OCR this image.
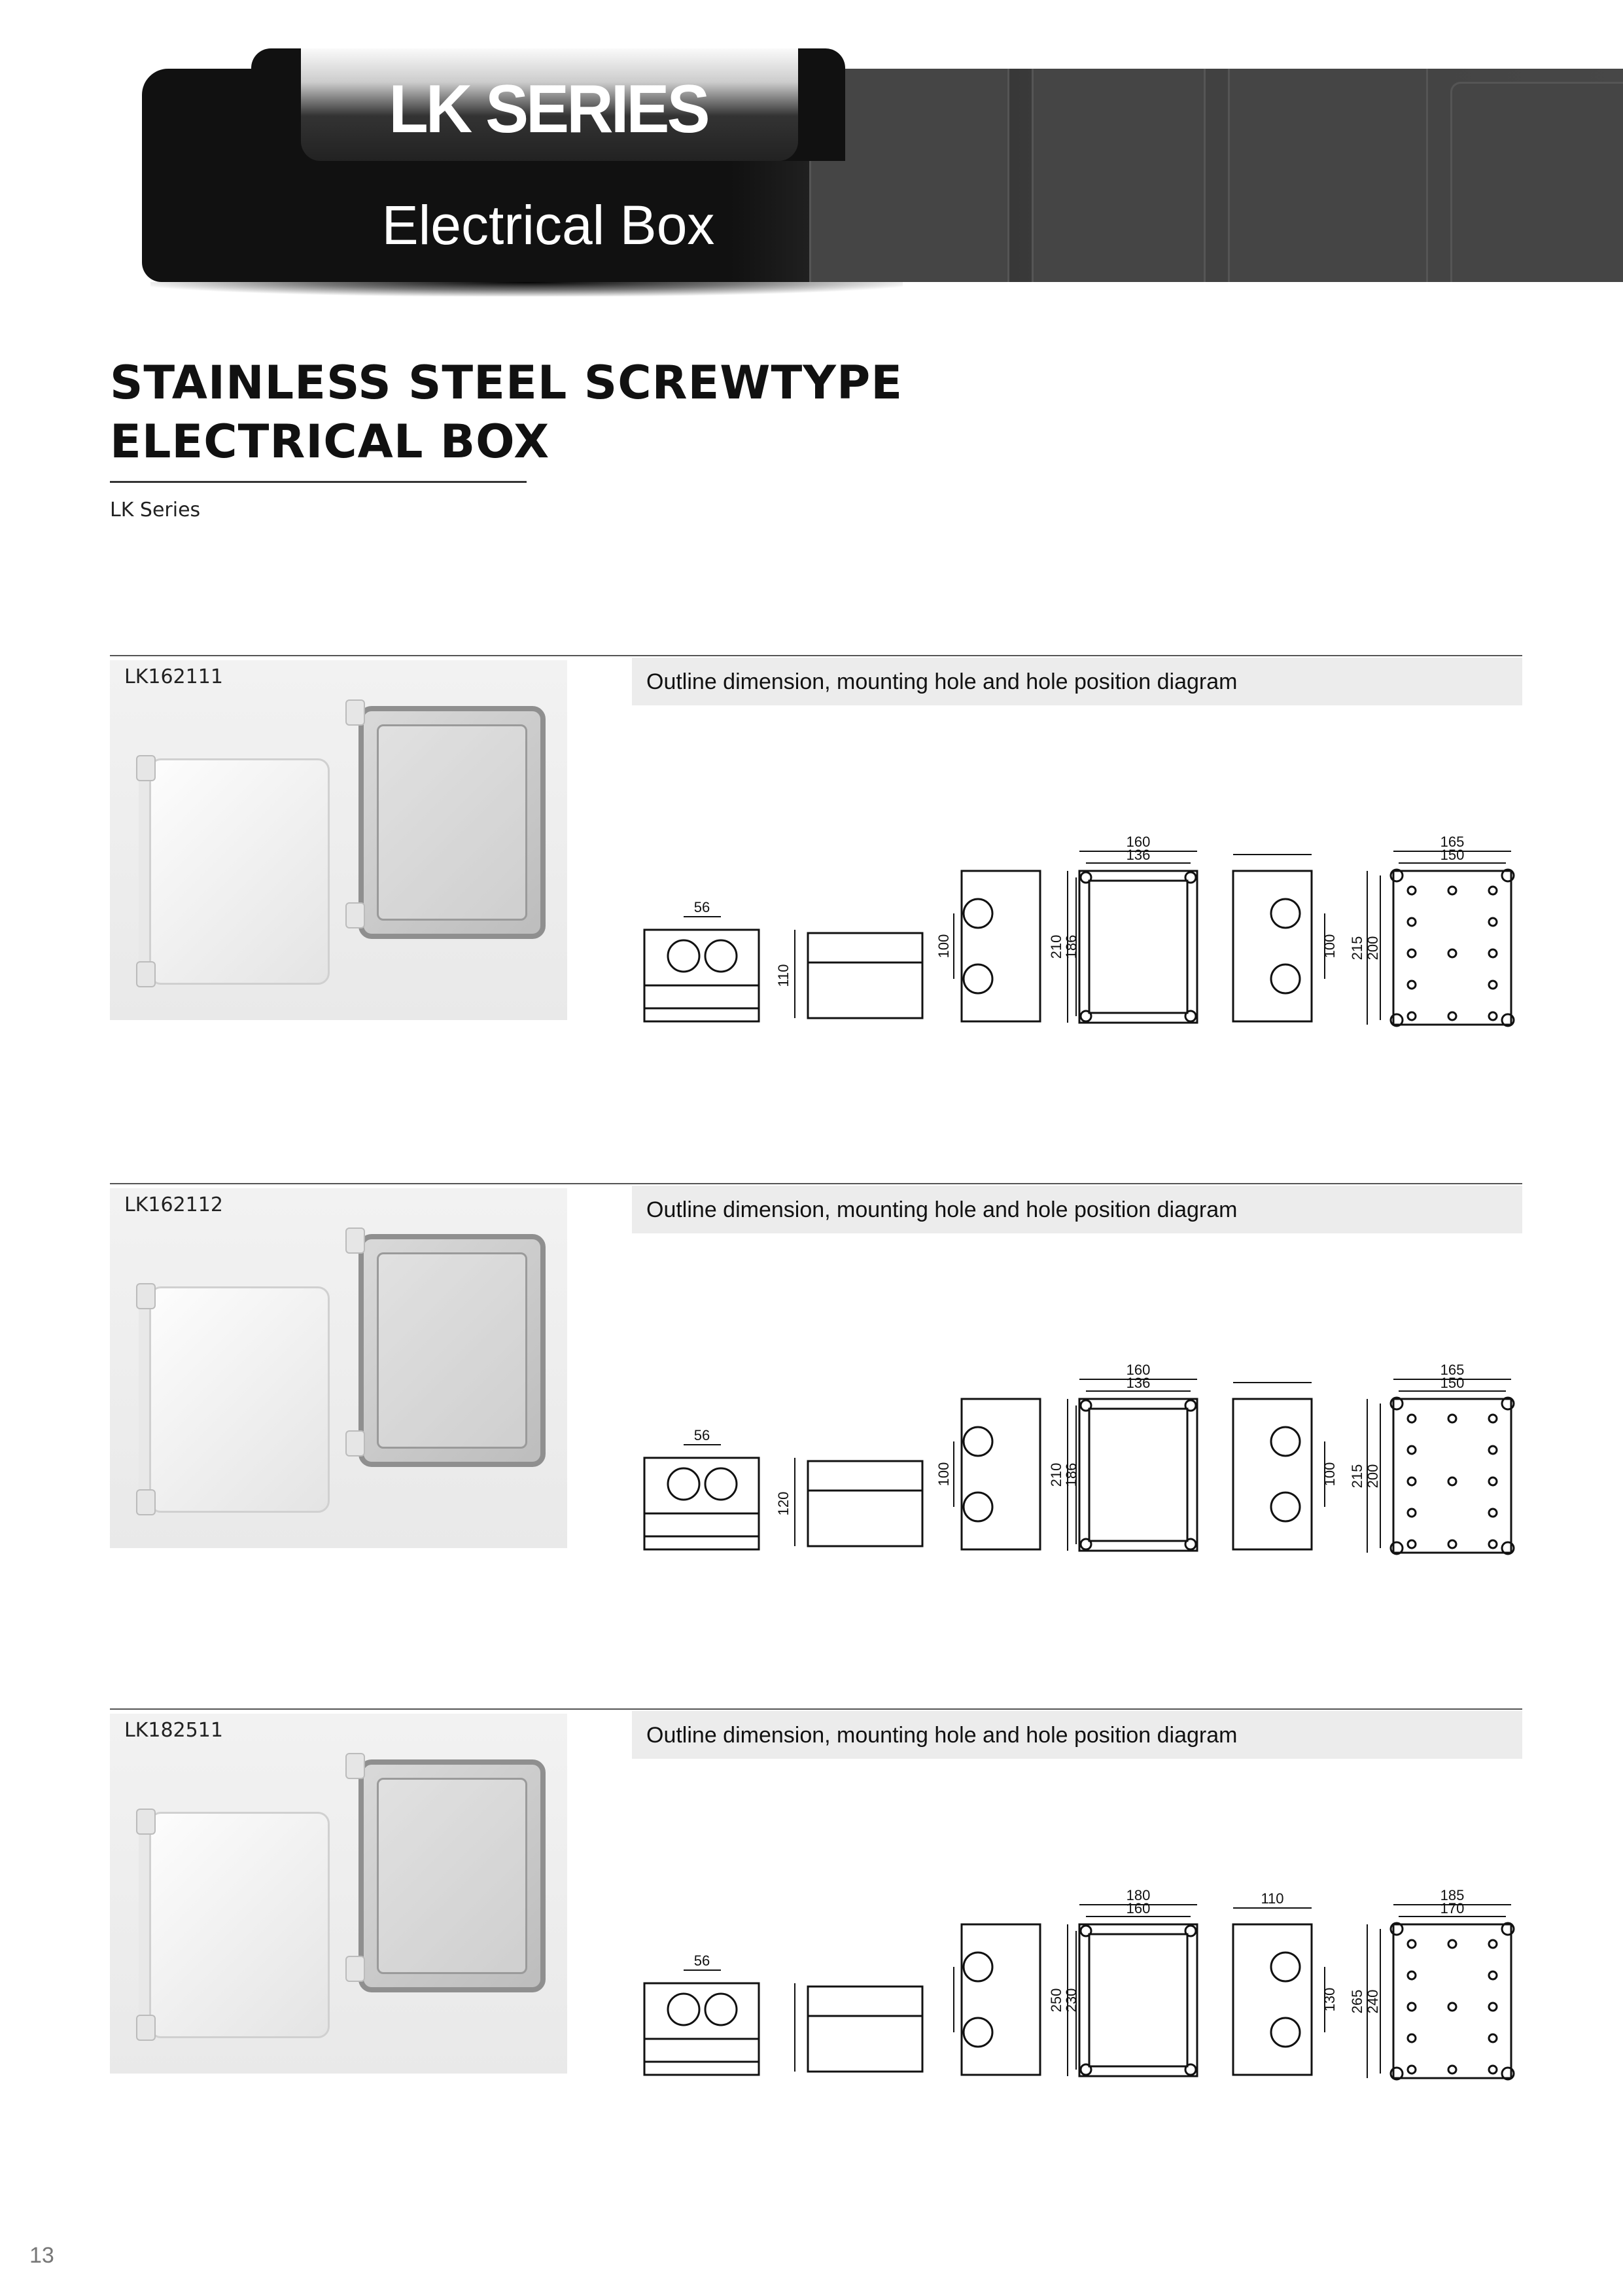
LK SERIES
Electrical Box
STAINLESS STEEL SCREWTYPE
ELECTRICAL BOX
LK Series
LK162111	Outline dimension, mounting hole and hole position diagram
56
110
100
160
136
210
186	100
165
150
215 200
LK162112	Outline dimension, mounting hole and hole position diagram
56
120
100
160
136
210
186	100
165
150
215 200
LK182511	Outline dimension, mounting hole and hole position diagram
56
180
160
250
230	130
110	185
170
265 240
13
